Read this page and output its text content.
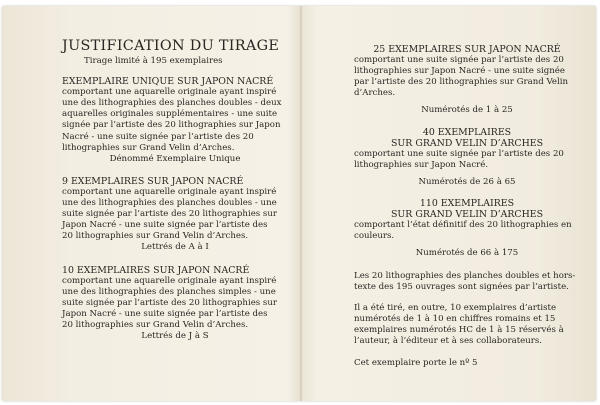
JUSTIFICATION DU TIRAGE
Tirage limité à 195 exemplaires
EXEMPLAIRE UNIQUE SUR JAPON NACRÉ
comportant une aquarelle originale ayant inspiré
une des lithographies des planches doubles - deux
aquarelles originales supplémentaires - une suite
signée par l’artiste des 20 lithographies sur Japon
Nacré - une suite signée par l’artiste des 20
lithographies sur Grand Velin d’Arches.
Dénommé Exemplaire Unique
9 EXEMPLAIRES SUR JAPON NACRÉ
comportant une aquarelle originale ayant inspiré
une des lithographies des planches doubles - une
suite signée par l’artiste des 20 lithographies sur
Japon Nacré - une suite signée par l’artiste des
20 lithographies sur Grand Velin d’Arches.
Lettrés de A à I
10 EXEMPLAIRES SUR JAPON NACRÉ
comportant une aquarelle originale ayant inspiré
une des lithographies des planches simples - une
suite signée par l’artiste des 20 lithographies sur
Japon Nacré - une suite signée par l’artiste des
20 lithographies sur Grand Velin d’Arches.
Lettrés de J à S
25 EXEMPLAIRES SUR JAPON NACRÉ
comportant une suite signée par l’artiste des 20
lithographies sur Japon Nacré - une suite signée
par l’artiste des 20 lithographies sur Grand Velin
d’Arches.
Numérotés de 1 à 25
40 EXEMPLAIRES
SUR GRAND VELIN D’ARCHES
comportant une suite signée par l’artiste des 20
lithographies sur Japon Nacré.
Numérotés de 26 à 65
110 EXEMPLAIRES
SUR GRAND VELIN D’ARCHES
comportant l’état définitif des 20 lithographies en
couleurs.
Numérotés de 66 à 175
Les 20 lithographies des planches doubles et hors-
texte des 195 ouvrages sont signées par l’artiste.
Il a été tiré, en outre, 10 exemplaires d’artiste
numérotés de 1 à 10 en chiffres romains et 15
exemplaires numérotés HC de 1 à 15 réservés à
l’auteur, à l’éditeur et à ses collaborateurs.
Cet exemplaire porte le nº 5
